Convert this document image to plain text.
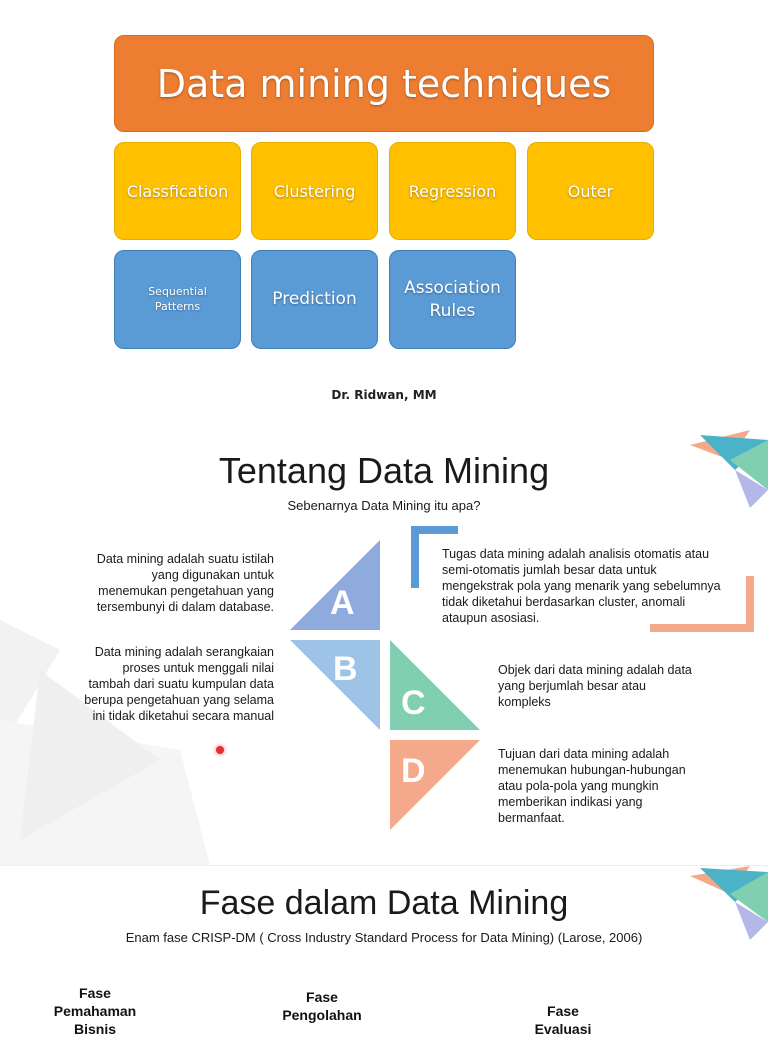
Data mining techniques
Classfication	Clustering	Regression	Outer
Sequential
Patterns	Prediction
Association
Rules
Dr. Ridwan, MM
Tentang Data Mining
Sebenarnya Data Mining itu apa?
A
B
C
D
Data mining adalah suatu istilah
yang digunakan untuk
menemukan pengetahuan yang
tersembunyi di dalam database.
Data mining adalah serangkaian
proses untuk menggali nilai
tambah dari suatu kumpulan data
berupa pengetahuan yang selama
ini tidak diketahui secara manual
Tugas data mining adalah analisis otomatis atau
semi-otomatis jumlah besar data untuk
mengekstrak pola yang menarik yang sebelumnya
tidak diketahui berdasarkan cluster, anomali
ataupun asosiasi.
Objek dari data mining adalah data
yang berjumlah besar atau
kompleks
Tujuan dari data mining adalah
menemukan hubungan-hubungan
atau pola-pola yang mungkin
memberikan indikasi yang
bermanfaat.
Fase dalam Data Mining
Enam fase CRISP-DM ( Cross Industry Standard Process for Data Mining) (Larose, 2006)
Fase
Pemahaman
Bisnis
Fase
Pengolahan	Fase
Evaluasi
